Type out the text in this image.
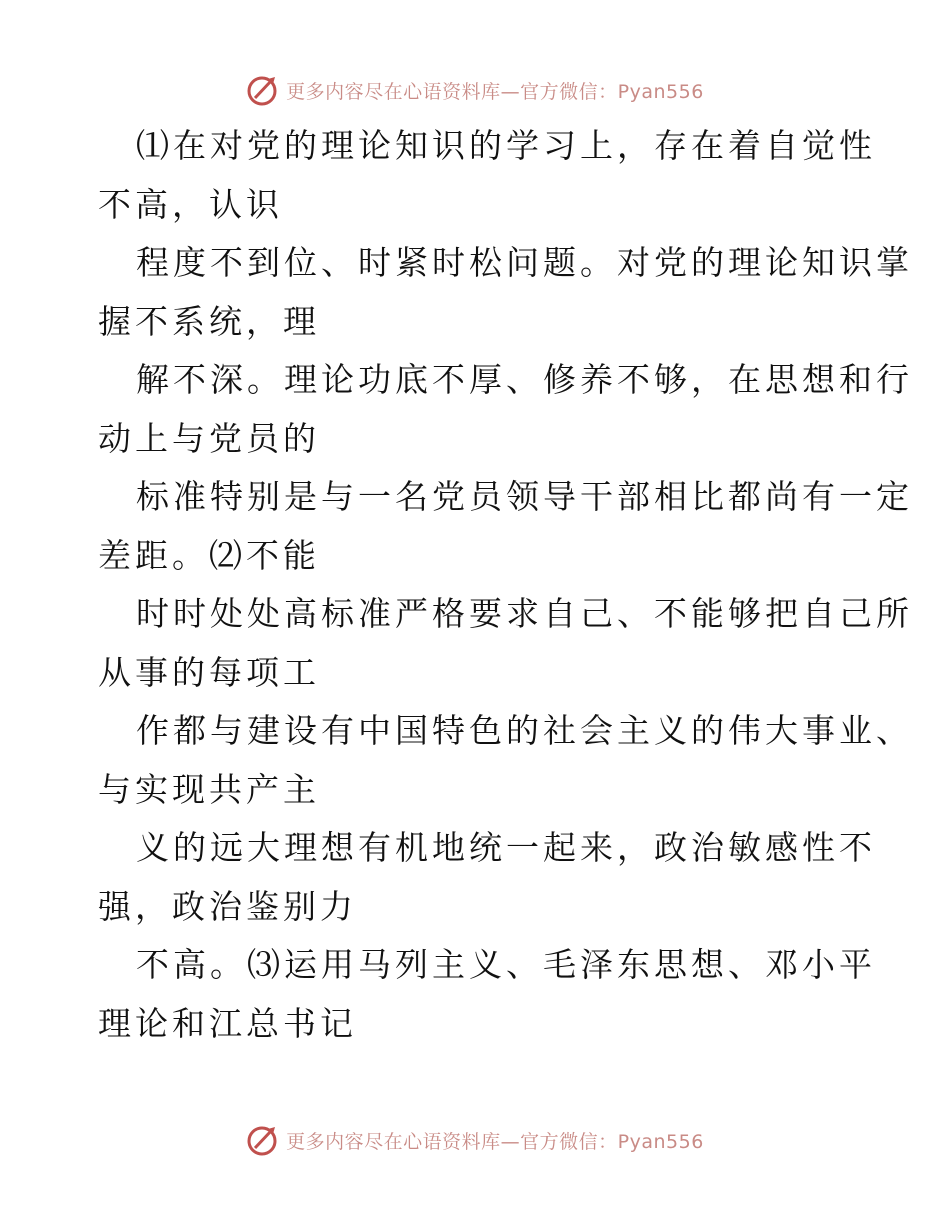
更多内容尽在心语资料库—官方微信：Pyan556
⑴在对党的理论知识的学习上，存在着自觉性
不高，认识
程度不到位、时紧时松问题。对党的理论知识掌
握不系统，理
解不深。理论功底不厚、修养不够，在思想和行
动上与党员的
标准特别是与一名党员领导干部相比都尚有一定
差距。⑵不能
时时处处高标准严格要求自己、不能够把自己所
从事的每项工
作都与建设有中国特色的社会主义的伟大事业、
与实现共产主
义的远大理想有机地统一起来，政治敏感性不
强，政治鉴别力
不高。⑶运用马列主义、毛泽东思想、邓小平
理论和江总书记
更多内容尽在心语资料库—官方微信：Pyan556
